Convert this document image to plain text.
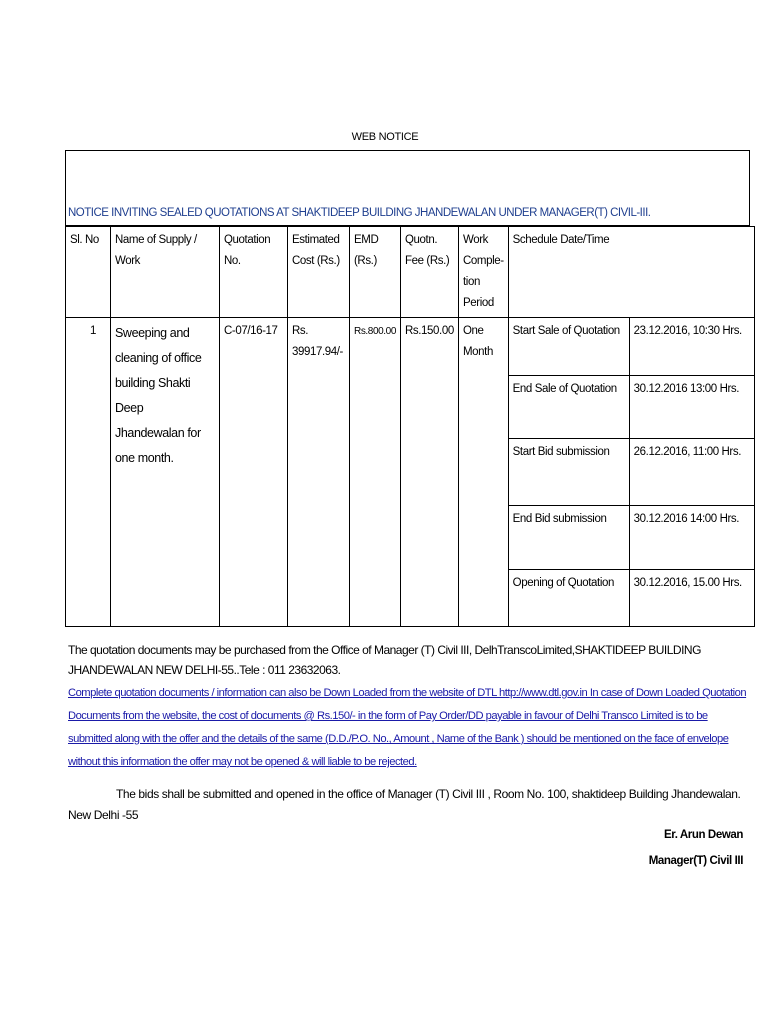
WEB NOTICE
NOTICE INVITING SEALED QUOTATIONS AT SHAKTIDEEP BUILDING JHANDEWALAN UNDER MANAGER(T) CIVIL-III.
Sl. No	Name of Supply / Work	Quotation No.	Estimated Cost (Rs.)	EMD (Rs.)	Quotn. Fee (Rs.)	Work Comple-tion Period	Schedule Date/Time	
1	Sweeping and cleaning of office building Shakti Deep Jhandewalan for one month.	C-07/16-17	Rs. 39917.94/-	Rs.800.00	Rs.150.00	One Month	Start Sale of Quotation	23.12.2016, 10:30 Hrs.
							End Sale of Quotation	30.12.2016 13:00 Hrs.
							Start Bid submission	26.12.2016, 11:00 Hrs.
							End Bid submission	30.12.2016 14:00 Hrs.
							Opening of Quotation	30.12.2016, 15.00 Hrs.
The quotation documents may be purchased from the Office of Manager (T) Civil III, DelhTranscoLimited,SHAKTIDEEP BUILDING JHANDEWALAN NEW DELHI-55..Tele : 011 23632063.
Complete quotation documents / information can also be Down Loaded from the website of DTL http://www.dtl.gov.in In case of Down Loaded Quotation Documents from the website, the cost of documents @ Rs.150/- in the form of Pay Order/DD payable in favour of Delhi Transco Limited is to be submitted along with the offer and the details of the same (D.D./P.O. No., Amount , Name of the Bank ) should be mentioned on the face of envelope without this information the offer may not be opened & will liable to be rejected.
The bids shall be submitted and opened in the office of Manager (T) Civil III , Room No. 100, shaktideep Building Jhandewalan. New Delhi -55
Er. Arun Dewan
Manager(T) Civil III
